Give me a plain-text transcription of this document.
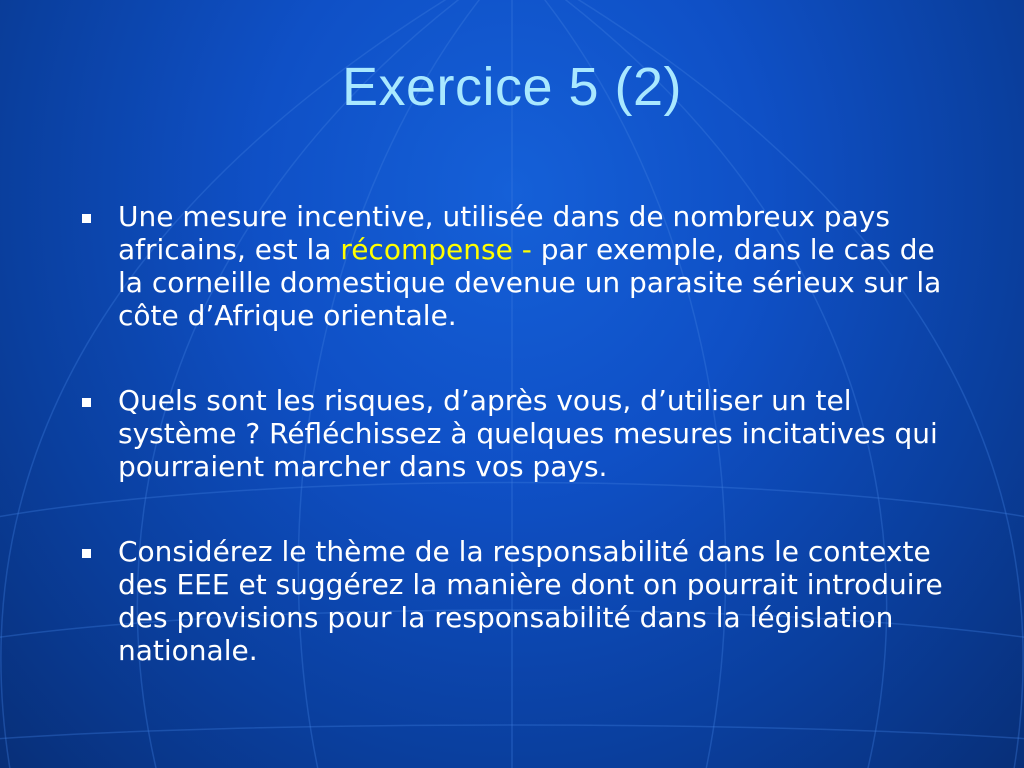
Exercice 5 (2)
Une mesure incentive, utilisée dans de nombreux pays africains, est la récompense - par exemple, dans le cas de la corneille domestique devenue un parasite sérieux sur la côte d’Afrique orientale.
Quels sont les risques, d’après vous, d’utiliser un tel système ? Réfléchissez à quelques mesures incitatives qui pourraient marcher dans vos pays.
Considérez le thème de la responsabilité dans le contexte des EEE et suggérez la manière dont on pourrait introduire des provisions pour la responsabilité dans la législation nationale.
